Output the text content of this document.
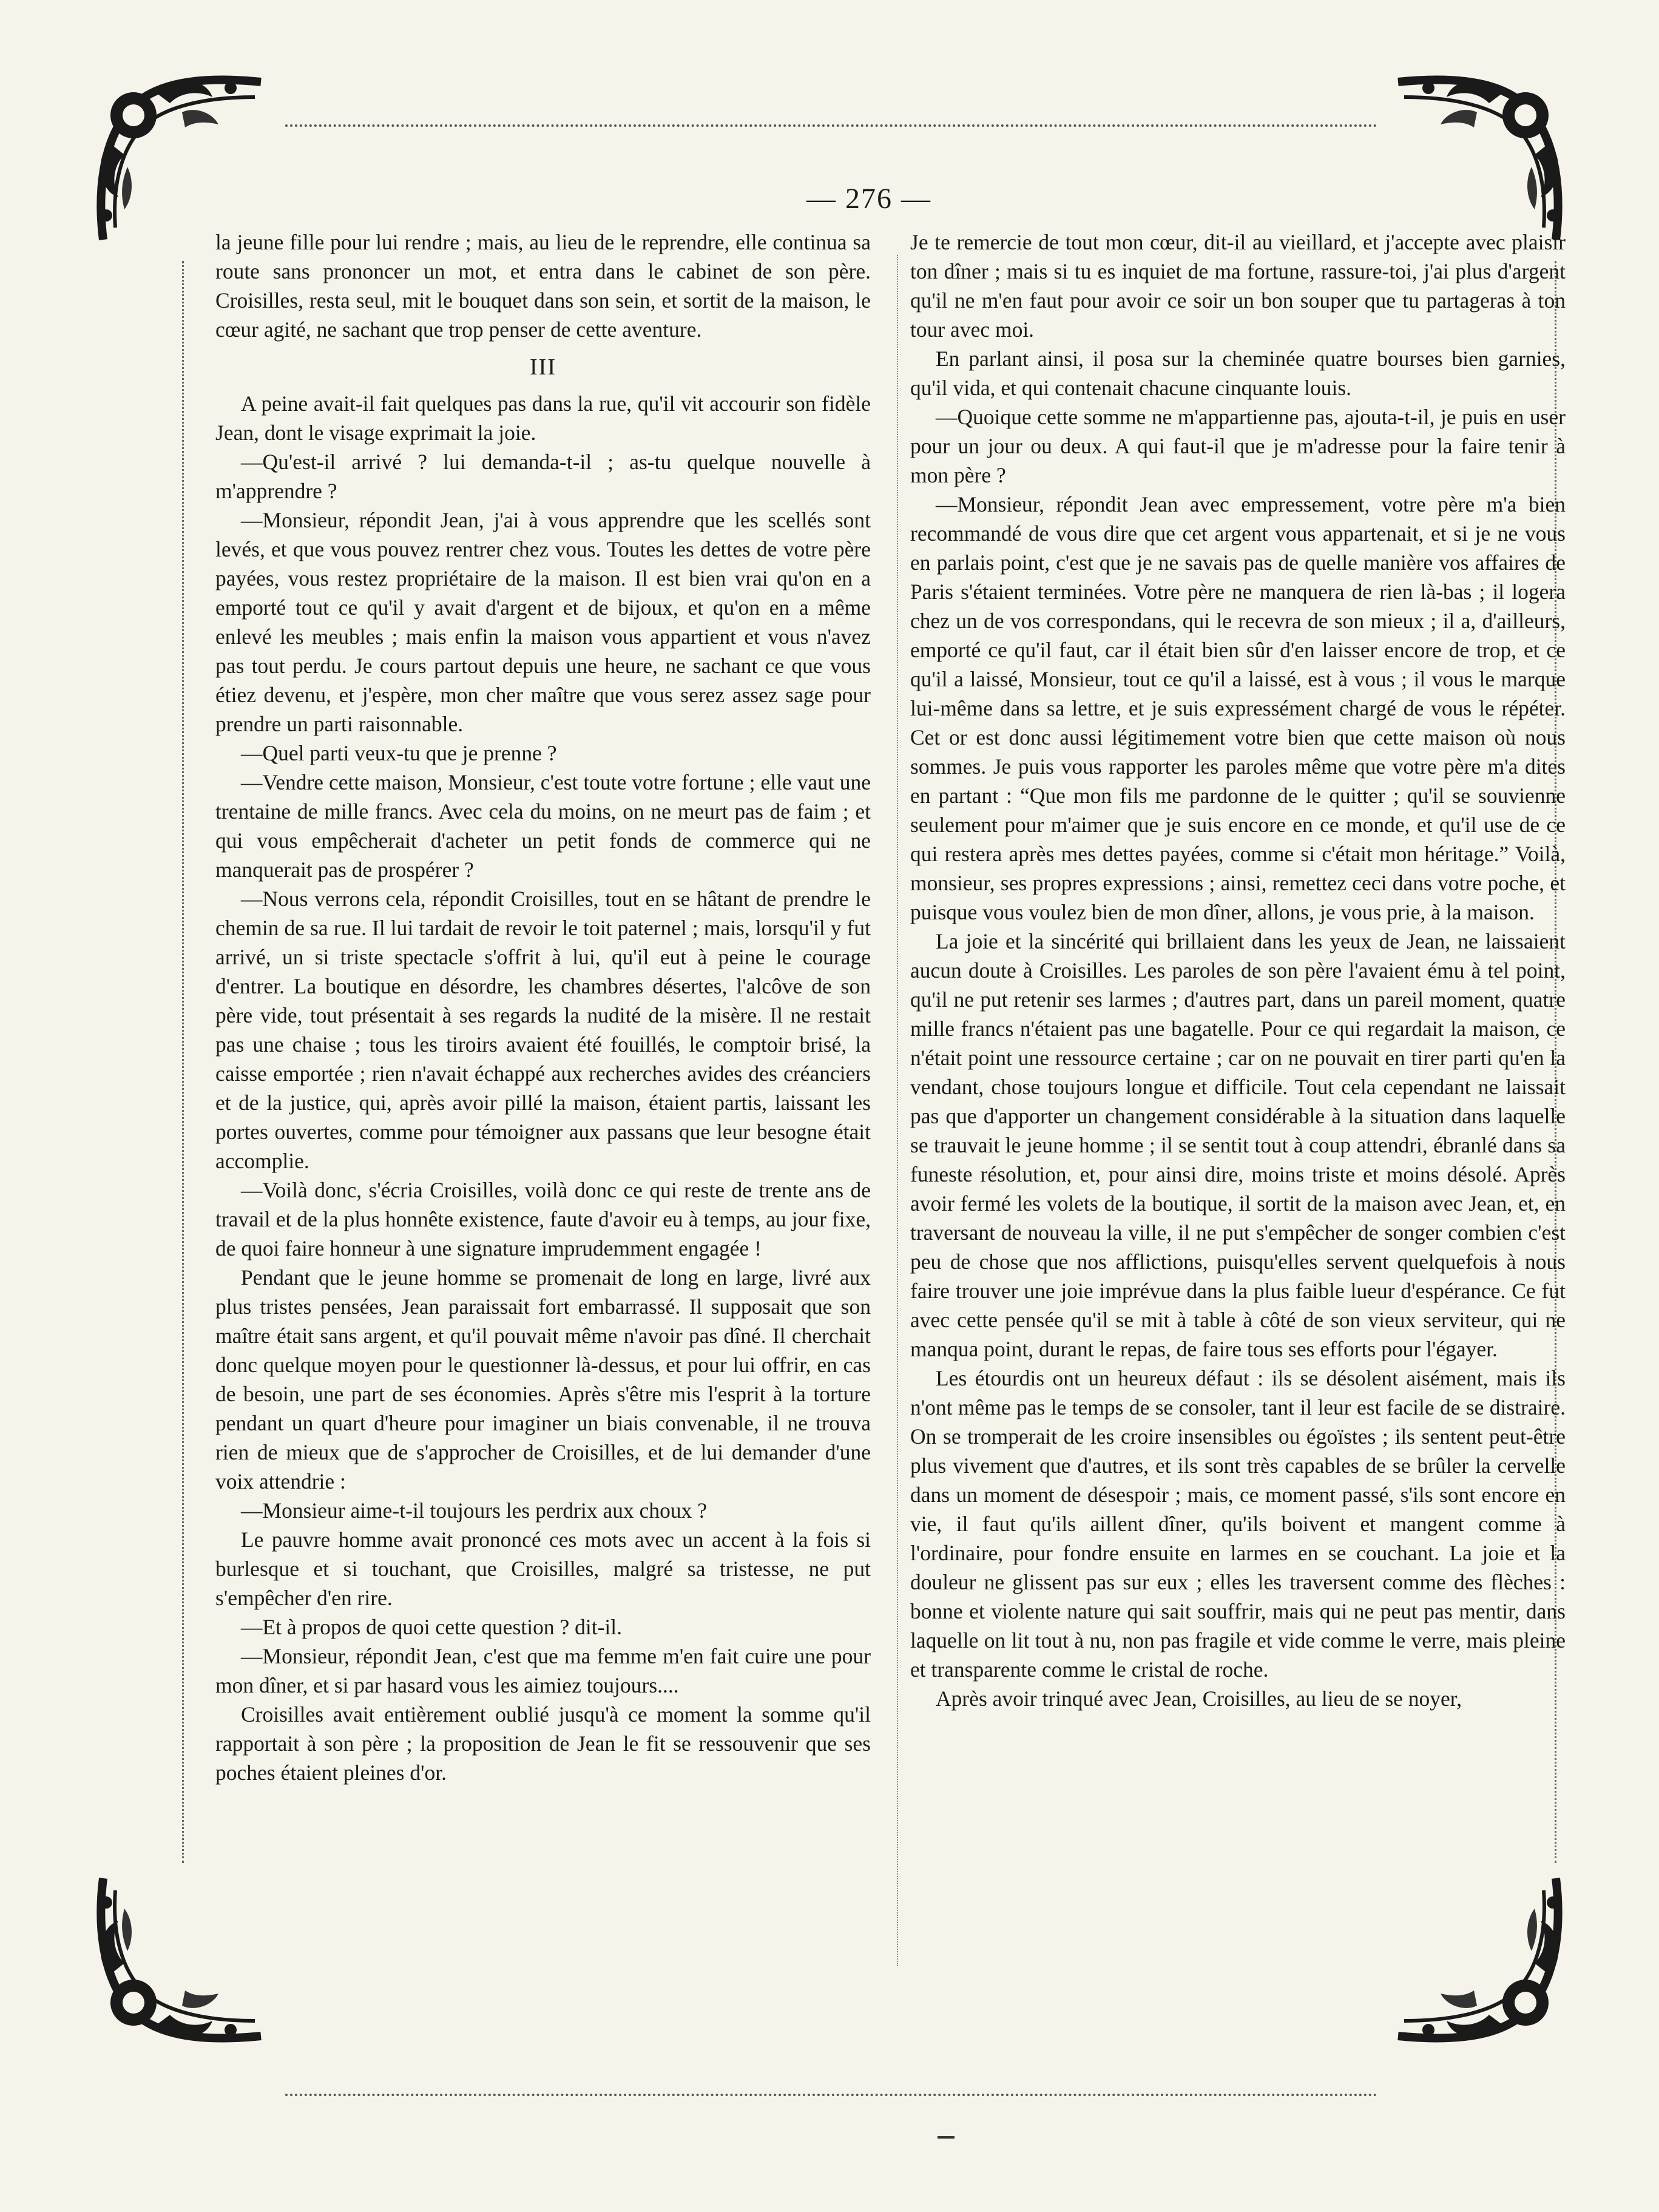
— 276 —

la jeune fille pour lui rendre ; mais, au lieu de le reprendre, elle continua sa route sans prononcer un mot, et entra dans le cabinet de son père. Croisilles, resta seul, mit le bouquet dans son sein, et sortit de la maison, le cœur agité, ne sachant que trop penser de cette aventure.

III

A peine avait-il fait quelques pas dans la rue, qu'il vit accourir son fidèle Jean, dont le visage exprimait la joie.

—Qu'est-il arrivé ? lui demanda-t-il ; as-tu quelque nouvelle à m'apprendre ?

—Monsieur, répondit Jean, j'ai à vous apprendre que les scellés sont levés, et que vous pouvez rentrer chez vous. Toutes les dettes de votre père payées, vous restez propriétaire de la maison. Il est bien vrai qu'on en a emporté tout ce qu'il y avait d'argent et de bijoux, et qu'on en a même enlevé les meubles ; mais enfin la maison vous appartient et vous n'avez pas tout perdu. Je cours partout depuis une heure, ne sachant ce que vous étiez devenu, et j'espère, mon cher maître que vous serez assez sage pour prendre un parti raisonnable.

—Quel parti veux-tu que je prenne ?

—Vendre cette maison, Monsieur, c'est toute votre fortune ; elle vaut une trentaine de mille francs. Avec cela du moins, on ne meurt pas de faim ; et qui vous empêcherait d'acheter un petit fonds de commerce qui ne manquerait pas de prospérer ?

—Nous verrons cela, répondit Croisilles, tout en se hâtant de prendre le chemin de sa rue. Il lui tardait de revoir le toit paternel ; mais, lorsqu'il y fut arrivé, un si triste spectacle s'offrit à lui, qu'il eut à peine le courage d'entrer. La boutique en désordre, les chambres désertes, l'alcôve de son père vide, tout présentait à ses regards la nudité de la misère. Il ne restait pas une chaise ; tous les tiroirs avaient été fouillés, le comptoir brisé, la caisse emportée ; rien n'avait échappé aux recherches avides des créanciers et de la justice, qui, après avoir pillé la maison, étaient partis, laissant les portes ouvertes, comme pour témoigner aux passans que leur besogne était accomplie.

—Voilà donc, s'écria Croisilles, voilà donc ce qui reste de trente ans de travail et de la plus honnête existence, faute d'avoir eu à temps, au jour fixe, de quoi faire honneur à une signature imprudemment engagée !

Pendant que le jeune homme se promenait de long en large, livré aux plus tristes pensées, Jean paraissait fort embarrassé. Il supposait que son maître était sans argent, et qu'il pouvait même n'avoir pas dîné. Il cherchait donc quelque moyen pour le questionner là-dessus, et pour lui offrir, en cas de besoin, une part de ses économies. Après s'être mis l'esprit à la torture pendant un quart d'heure pour imaginer un biais convenable, il ne trouva rien de mieux que de s'approcher de Croisilles, et de lui demander d'une voix attendrie :

—Monsieur aime-t-il toujours les perdrix aux choux ?

Le pauvre homme avait prononcé ces mots avec un accent à la fois si burlesque et si touchant, que Croisilles, malgré sa tristesse, ne put s'empêcher d'en rire.

—Et à propos de quoi cette question ? dit-il.

—Monsieur, répondit Jean, c'est que ma femme m'en fait cuire une pour mon dîner, et si par hasard vous les aimiez toujours....

Croisilles avait entièrement oublié jusqu'à ce moment la somme qu'il rapportait à son père ; la proposition de Jean le fit se ressouvenir que ses poches étaient pleines d'or.

Je te remercie de tout mon cœur, dit-il au vieillard, et j'accepte avec plaisir ton dîner ; mais si tu es inquiet de ma fortune, rassure-toi, j'ai plus d'argent qu'il ne m'en faut pour avoir ce soir un bon souper que tu partageras à ton tour avec moi.

En parlant ainsi, il posa sur la cheminée quatre bourses bien garnies, qu'il vida, et qui contenait chacune cinquante louis.

—Quoique cette somme ne m'appartienne pas, ajouta-t-il, je puis en user pour un jour ou deux. A qui faut-il que je m'adresse pour la faire tenir à mon père ?

—Monsieur, répondit Jean avec empressement, votre père m'a bien recommandé de vous dire que cet argent vous appartenait, et si je ne vous en parlais point, c'est que je ne savais pas de quelle manière vos affaires de Paris s'étaient terminées. Votre père ne manquera de rien là-bas ; il logera chez un de vos correspondans, qui le recevra de son mieux ; il a, d'ailleurs, emporté ce qu'il faut, car il était bien sûr d'en laisser encore de trop, et ce qu'il a laissé, Monsieur, tout ce qu'il a laissé, est à vous ; il vous le marque lui-même dans sa lettre, et je suis expressément chargé de vous le répéter. Cet or est donc aussi légitimement votre bien que cette maison où nous sommes. Je puis vous rapporter les paroles même que votre père m'a dites en partant : “Que mon fils me pardonne de le quitter ; qu'il se souvienne seulement pour m'aimer que je suis encore en ce monde, et qu'il use de ce qui restera après mes dettes payées, comme si c'était mon héritage.” Voilà, monsieur, ses propres expressions ; ainsi, remettez ceci dans votre poche, et puisque vous voulez bien de mon dîner, allons, je vous prie, à la maison.

La joie et la sincérité qui brillaient dans les yeux de Jean, ne laissaient aucun doute à Croisilles. Les paroles de son père l'avaient ému à tel point, qu'il ne put retenir ses larmes ; d'autres part, dans un pareil moment, quatre mille francs n'étaient pas une bagatelle. Pour ce qui regardait la maison, ce n'était point une ressource certaine ; car on ne pouvait en tirer parti qu'en la vendant, chose toujours longue et difficile. Tout cela cependant ne laissait pas que d'apporter un changement considérable à la situation dans laquelle se trauvait le jeune homme ; il se sentit tout à coup attendri, ébranlé dans sa funeste résolution, et, pour ainsi dire, moins triste et moins désolé. Après avoir fermé les volets de la boutique, il sortit de la maison avec Jean, et, en traversant de nouveau la ville, il ne put s'empêcher de songer combien c'est peu de chose que nos afflictions, puisqu'elles servent quelquefois à nous faire trouver une joie imprévue dans la plus faible lueur d'espérance. Ce fut avec cette pensée qu'il se mit à table à côté de son vieux serviteur, qui ne manqua point, durant le repas, de faire tous ses efforts pour l'égayer.

Les étourdis ont un heureux défaut : ils se désolent aisément, mais ils n'ont même pas le temps de se consoler, tant il leur est facile de se distraire. On se tromperait de les croire insensibles ou égoïstes ; ils sentent peut-être plus vivement que d'autres, et ils sont très capables de se brûler la cervelle dans un moment de désespoir ; mais, ce moment passé, s'ils sont encore en vie, il faut qu'ils aillent dîner, qu'ils boivent et mangent comme à l'ordinaire, pour fondre ensuite en larmes en se couchant. La joie et la douleur ne glissent pas sur eux ; elles les traversent comme des flèches : bonne et violente nature qui sait souffrir, mais qui ne peut pas mentir, dans laquelle on lit tout à nu, non pas fragile et vide comme le verre, mais pleine et transparente comme le cristal de roche.

Après avoir trinqué avec Jean, Croisilles, au lieu de se noyer,
